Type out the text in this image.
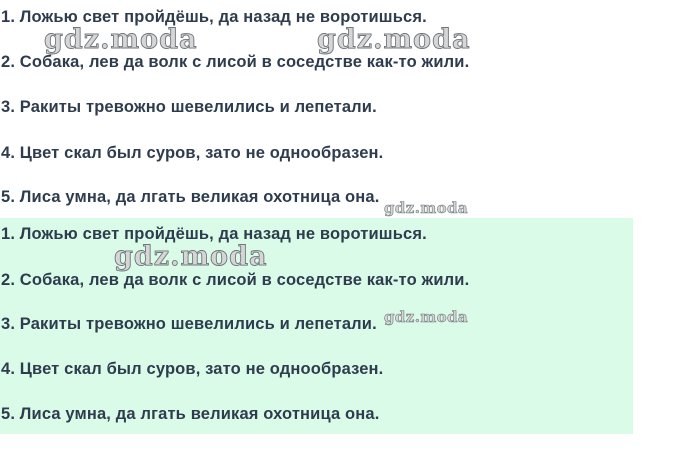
1. Ложью свет пройдёшь, да назад не воротишься.
2. Собака, лев да волк с лисой в соседстве как-то жили.
3. Ракиты тревожно шевелились и лепетали.
4. Цвет скал был суров, зато не однообразен.
5. Лиса умна, да лгать великая охотница она.
1. Ложью свет пройдёшь, да назад не воротишься.
2. Собака, лев да волк с лисой в соседстве как-то жили.
3. Ракиты тревожно шевелились и лепетали.
4. Цвет скал был суров, зато не однообразен.
5. Лиса умна, да лгать великая охотница она.
gdz.moda	gdz.moda
gdz.moda
gdz.moda
gdz.moda
